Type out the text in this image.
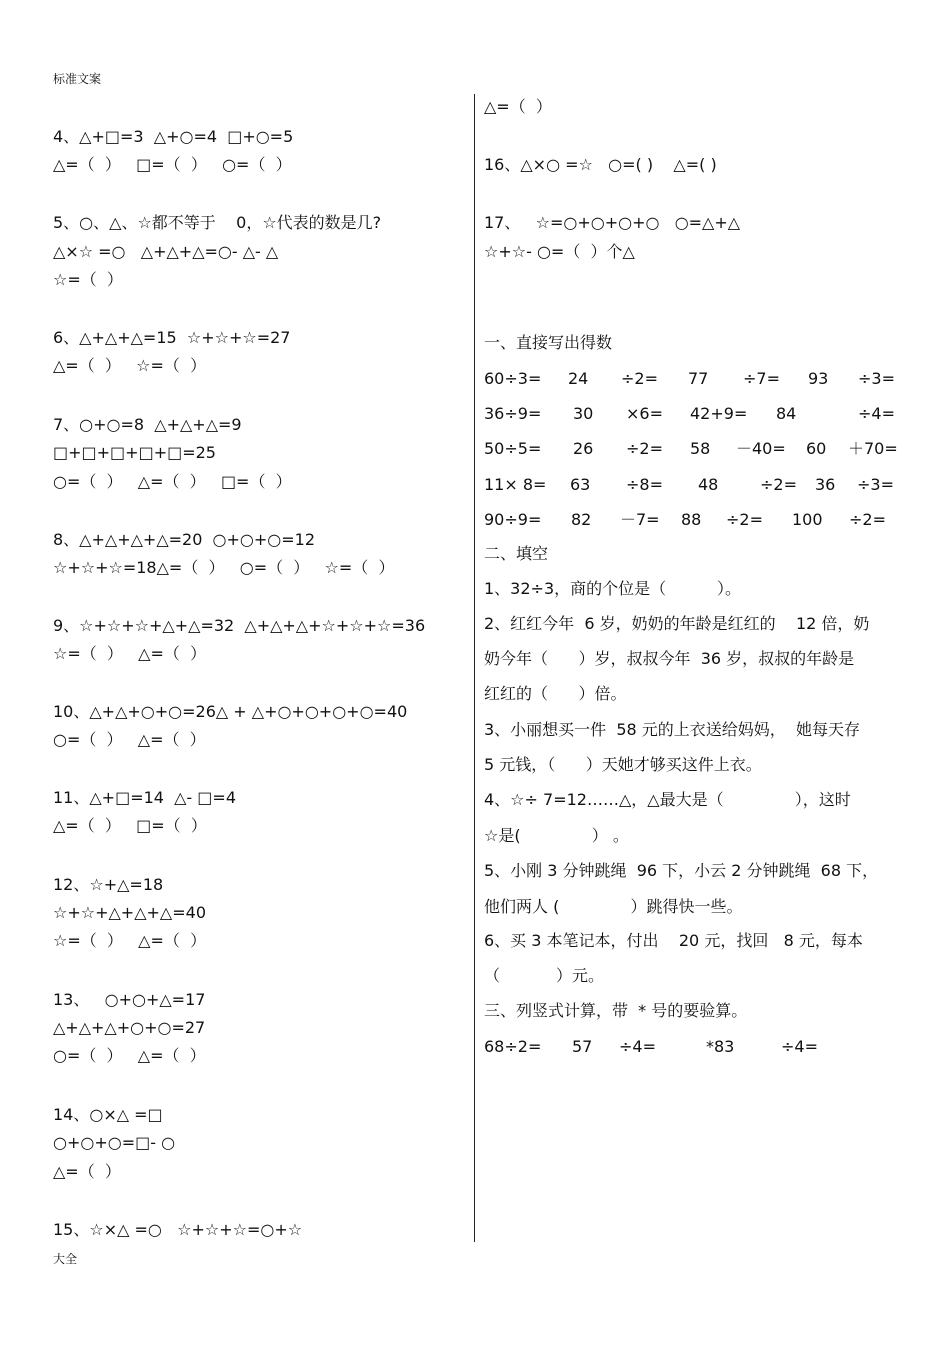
标准文案
4、△+□=3  △+○=4  □+○=5
△=（  ）   □=（  ）   ○=（  ）
5、○、△、☆都不等于    0，☆代表的数是几?
△×☆ =○   △+△+△=○- △- △
☆=（  ）
6、△+△+△=15  ☆+☆+☆=27
△=（  ）   ☆=（  ）
7、○+○=8  △+△+△=9
□+□+□+□+□=25
○=（  ）   △=（  ）   □=（  ）
8、△+△+△+△=20  ○+○+○=12
☆+☆+☆=18△=（  ）   ○=（  ）   ☆=（  ）
9、☆+☆+☆+△+△=32  △+△+△+☆+☆+☆=36
☆=（  ）   △=（  ）
10、△+△+○+○=26△ + △+○+○+○+○=40
○=（  ）   △=（  ）
11、△+□=14  △- □=4
△=（  ）   □=（  ）
12、☆+△=18
☆+☆+△+△+△=40
☆=（  ）   △=（  ）
13、   ○+○+△=17
△+△+△+○+○=27
○=（  ）   △=（  ）
14、○×△ =□
○+○+○=□- ○
△=（  ）
15、☆×△ =○   ☆+☆+☆=○+☆
△=（  ）
16、△×○ =☆   ○=( )    △=( )
17、   ☆=○+○+○+○   ○=△+△
☆+☆- ○=（  ）个△
一、直接写出得数
60÷3= 24 ÷2= 77 ÷7= 93 ÷3=
36÷9= 30 ×6= 42+9= 84	÷4=
50÷5= 26 ÷2= 58 －40= 60 ＋70=
11× 8= 63 ÷8= 48	÷2= 36 ÷3=
90÷9= 82 －7= 88 ÷2= 100 ÷2=
二、填空
1、32÷3，商的个位是（          ）。
2、红红今年  6 岁，奶奶的年龄是红红的    12 倍，奶
奶今年（      ）岁，叔叔今年  36 岁，叔叔的年龄是
红红的（      ）倍。
3、小丽想买一件  58 元的上衣送给妈妈，  她每天存
5 元钱，（      ）天她才够买这件上衣。
4、☆÷ 7=12……△，△最大是（              ），这时
☆是(              ） 。
5、小刚 3 分钟跳绳  96 下，小云 2 分钟跳绳  68 下，
他们两人 (              ）跳得快一些。
6、买 3 本笔记本，付出    20 元，找回   8 元，每本
（           ）元。
三、列竖式计算，带  * 号的要验算。
68÷2= 57 ÷4=	*83	÷4=
大全
